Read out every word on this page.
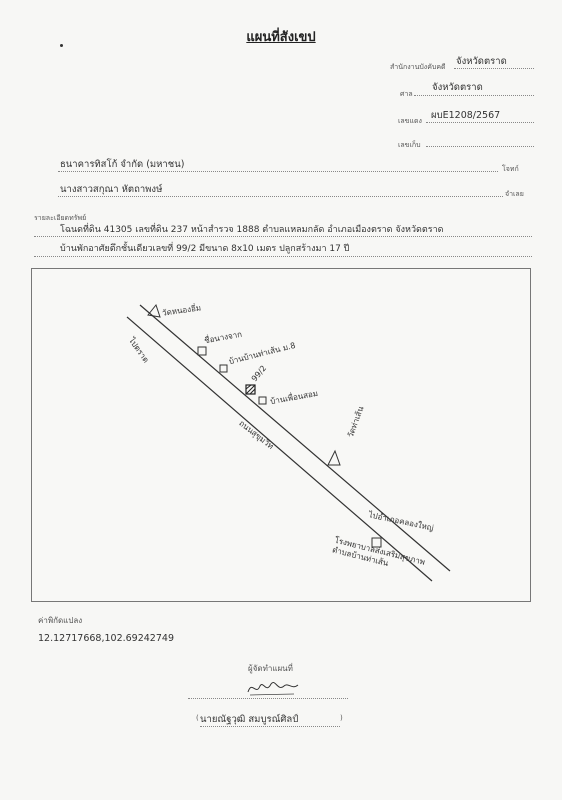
แผนที่สังเขป
สำนักงานบังคับคดี จังหวัดตราด
ศาล
จังหวัดตราด
เลขแดง ผบE1208/2567
เลขเก็บ
ธนาคารทิสโก้ จำกัด (มหาชน)	โจทก์
นางสาวสกุณา หัตถาพงษ์	จำเลย
รายละเอียดทรัพย์
โฉนดที่ดิน 41305 เลขที่ดิน 237 หน้าสำรวจ 1888 ตำบลแหลมกลัด อำเภอเมืองตราด จังหวัดตราด
บ้านพักอาศัยตึกชั้นเดียวเลขที่ 99/2 มีขนาด 8x10 เมตร ปลูกสร้างมา 17 ปี
วัดหนองอี่ม
ไปตราด	ชื่อนางจาก
บ้านบ้านท่าเส้น ม.8
99/2
บ้านเพื่อนสอม
ถนนสุขุมวิท	วัดท่าเส้น
ไปอำเภอคลองใหญ่
โรงพยาบาลส่งเสริมสุขภาพตำบลบ้านท่าเส้น
ค่าพิกัดแปลง
12.12717668,102.69242749
ผู้จัดทำแผนที่
นายณัฐวุฒิ สมบูรณ์ศิลป์
(	)
